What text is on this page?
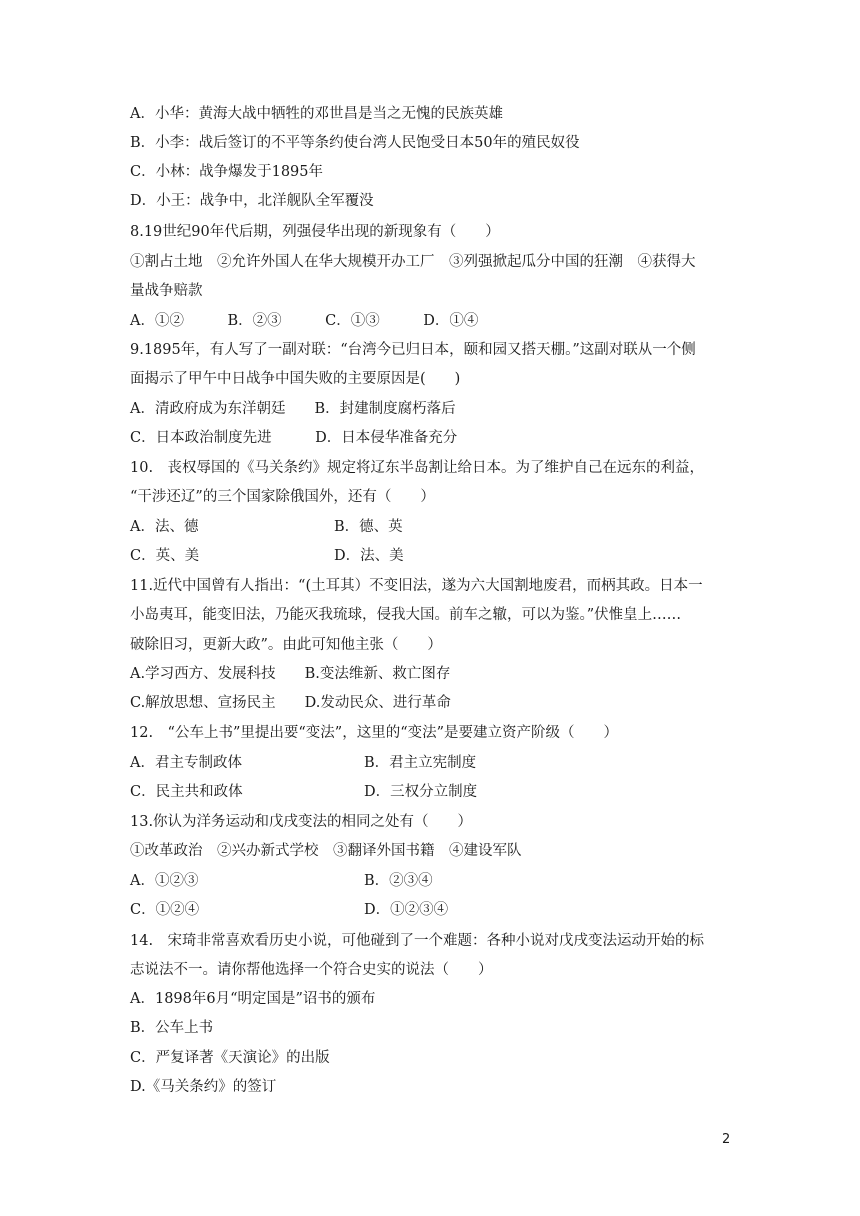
A．小华：黄海大战中牺牲的邓世昌是当之无愧的民族英雄
B．小李：战后签订的不平等条约使台湾人民饱受日本50年的殖民奴役
C．小林：战争爆发于1895年
D．小王：战争中，北洋舰队全军覆没
8.19世纪90年代后期，列强侵华出现的新现象有（　　）
①割占土地　②允许外国人在华大规模开办工厂　③列强掀起瓜分中国的狂潮　④获得大
量战争赔款
A．①②　　　B．②③　　　C．①③　　　D．①④
9.1895年，有人写了一副对联：“台湾今已归日本，颐和园又搭天棚。”这副对联从一个侧
面揭示了甲午中日战争中国失败的主要原因是(　　)
A．清政府成为东洋朝廷　　B．封建制度腐朽落后
C．日本政治制度先进　　　D．日本侵华准备充分
10.　丧权辱国的《马关条约》规定将辽东半岛割让给日本。为了维护自己在远东的利益，
“干涉还辽”的三个国家除俄国外，还有（　　）
A．法、德	B．德、英
C．英、美	D．法、美
11.近代中国曾有人指出：“(土耳其）不变旧法，遂为六大国割地废君，而柄其政。日本一
小岛夷耳，能变旧法，乃能灭我琉球，侵我大国。前车之辙，可以为鉴。”伏惟皇上……
破除旧习，更新大政”。由此可知他主张（　　）
A.学习西方、发展科技　　B.变法维新、救亡图存
C.解放思想、宣扬民主　　D.发动民众、进行革命
12.　“公车上书”里提出要“变法”，这里的“变法”是要建立资产阶级（　　）
A．君主专制政体	B．君主立宪制度
C．民主共和政体	D．三权分立制度
13.你认为洋务运动和戊戌变法的相同之处有（　　）
①改革政治　②兴办新式学校　③翻译外国书籍　④建设军队
A．①②③	B．②③④
C．①②④	D．①②③④
14.　宋琦非常喜欢看历史小说，可他碰到了一个难题：各种小说对戊戌变法运动开始的标
志说法不一。请你帮他选择一个符合史实的说法（　　）
A．1898年6月“明定国是”诏书的颁布
B．公车上书
C．严复译著《天演论》的出版
D.《马关条约》的签订
2
